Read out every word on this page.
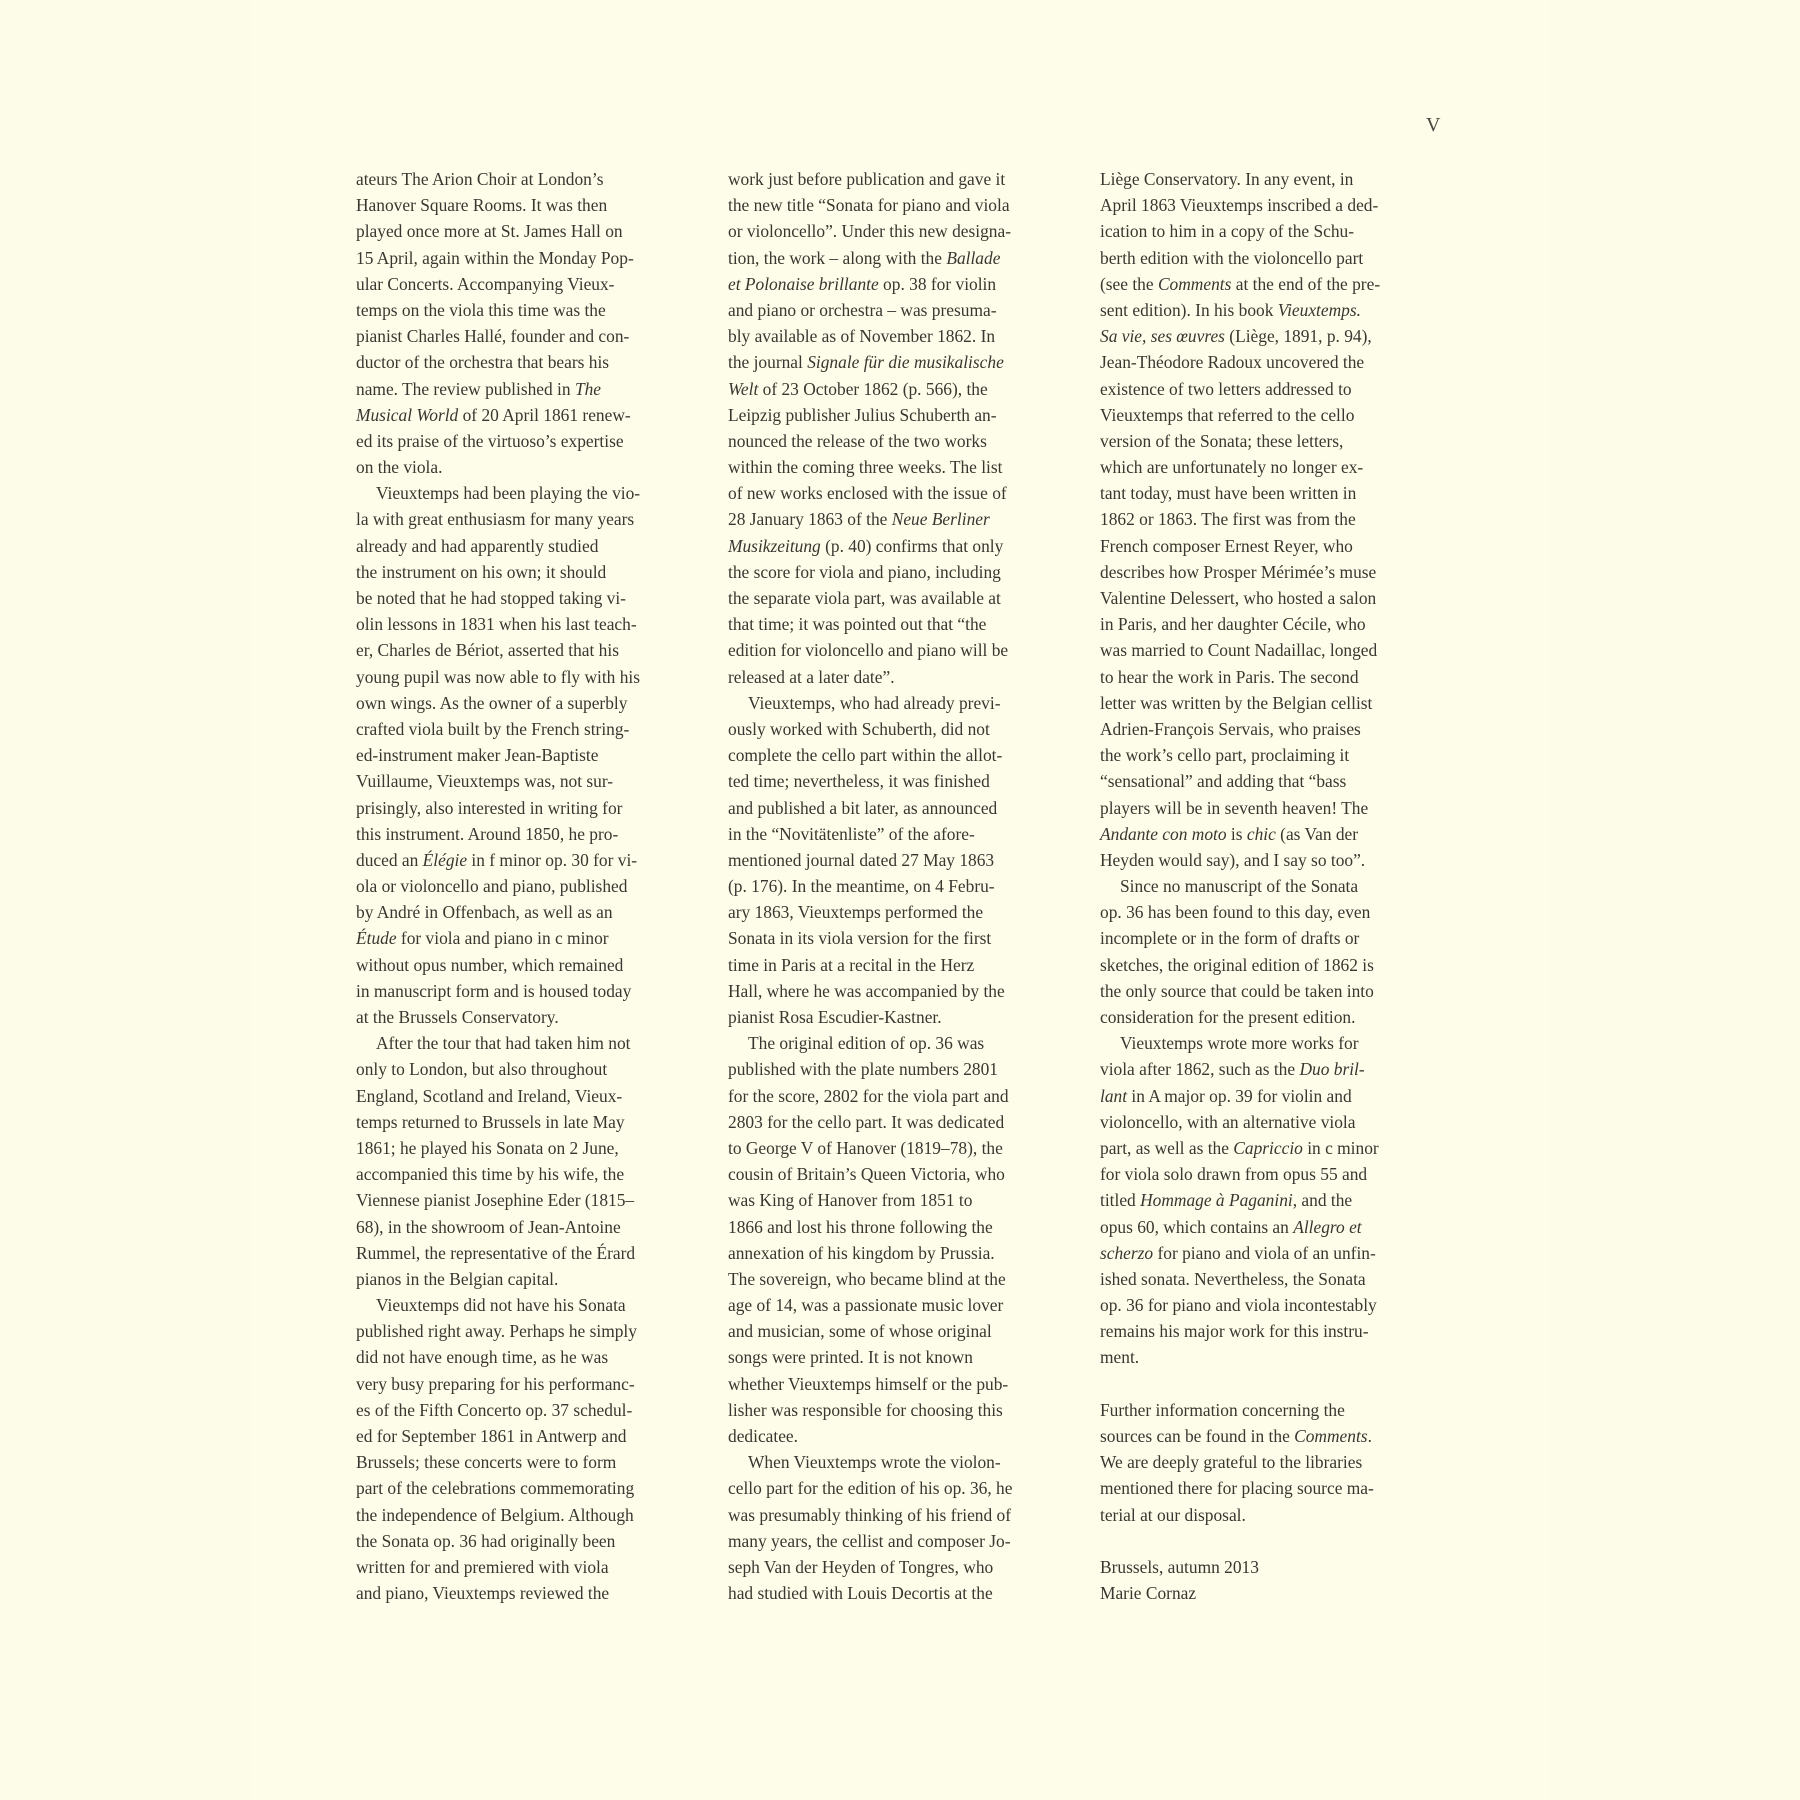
V
ateurs The Arion Choir at London’s
Hanover Square Rooms. It was then
played once more at St. James Hall on
15 April, again within the Monday Pop-
ular Concerts. Accompanying Vieux-
temps on the viola this time was the
pianist Charles Hallé, founder and con-
ductor of the orchestra that bears his
name. The review published in The
Musical World of 20 April 1861 renew-
ed its praise of the virtuoso’s expertise
on the viola.
Vieuxtemps had been playing the vio-
la with great enthusiasm for many years
already and had apparently studied
the instrument on his own; it should
be noted that he had stopped taking vi-
olin lessons in 1831 when his last teach-
er, Charles de Bériot, asserted that his
young pupil was now able to fly with his
own wings. As the owner of a superbly
crafted viola built by the French string-
ed-instrument maker Jean-Baptiste
Vuillaume, Vieuxtemps was, not sur-
prisingly, also interested in writing for
this instrument. Around 1850, he pro-
duced an Élégie in f minor op. 30 for vi-
ola or violoncello and piano, published
by André in Offenbach, as well as an
Étude for viola and piano in c minor
without opus number, which remained
in manuscript form and is housed today
at the Brussels Conservatory.
After the tour that had taken him not
only to London, but also throughout
England, Scotland and Ireland, Vieux-
temps returned to Brussels in late May
1861; he played his Sonata on 2 June,
accompanied this time by his wife, the
Viennese pianist Josephine Eder (1815–
68), in the showroom of Jean-Antoine
Rummel, the representative of the Érard
pianos in the Belgian capital.
Vieuxtemps did not have his Sonata
published right away. Perhaps he simply
did not have enough time, as he was
very busy preparing for his performanc-
es of the Fifth Concerto op. 37 schedul-
ed for September 1861 in Antwerp and
Brussels; these concerts were to form
part of the celebrations commemorating
the independence of Belgium. Although
the Sonata op. 36 had originally been
written for and premiered with viola
and piano, Vieuxtemps reviewed the
work just before publication and gave it
the new title “Sonata for piano and viola
or violoncello”. Under this new designa-
tion, the work – along with the Ballade
et Polonaise brillante op. 38 for violin
and piano or orchestra – was presuma-
bly available as of November 1862. In
the journal Signale für die musikalische
Welt of 23 October 1862 (p. 566), the
Leipzig publisher Julius Schuberth an-
nounced the release of the two works
within the coming three weeks. The list
of new works enclosed with the issue of
28 January 1863 of the Neue Berliner
Musikzeitung (p. 40) confirms that only
the score for viola and piano, including
the separate viola part, was available at
that time; it was pointed out that “the
edition for violoncello and piano will be
released at a later date”.
Vieuxtemps, who had already previ-
ously worked with Schuberth, did not
complete the cello part within the allot-
ted time; nevertheless, it was finished
and published a bit later, as announced
in the “Novitätenliste” of the afore-
mentioned journal dated 27 May 1863
(p. 176). In the meantime, on 4 Febru-
ary 1863, Vieuxtemps performed the
Sonata in its viola version for the first
time in Paris at a recital in the Herz
Hall, where he was accompanied by the
pianist Rosa Escudier-Kastner.
The original edition of op. 36 was
published with the plate numbers 2801
for the score, 2802 for the viola part and
2803 for the cello part. It was dedicated
to George V of Hanover (1819–78), the
cousin of Britain’s Queen Victoria, who
was King of Hanover from 1851 to
1866 and lost his throne following the
annexation of his kingdom by Prussia.
The sovereign, who became blind at the
age of 14, was a passionate music lover
and musician, some of whose original
songs were printed. It is not known
whether Vieuxtemps himself or the pub-
lisher was responsible for choosing this
dedicatee.
When Vieuxtemps wrote the violon-
cello part for the edition of his op. 36, he
was presumably thinking of his friend of
many years, the cellist and composer Jo-
seph Van der Heyden of Tongres, who
had studied with Louis Decortis at the
Liège Conservatory. In any event, in
April 1863 Vieuxtemps inscribed a ded-
ication to him in a copy of the Schu-
berth edition with the violoncello part
(see the Comments at the end of the pre-
sent edition). In his book Vieuxtemps.
Sa vie, ses œuvres (Liège, 1891, p. 94),
Jean-Théodore Radoux uncovered the
existence of two letters addressed to
Vieuxtemps that referred to the cello
version of the Sonata; these letters,
which are unfortunately no longer ex-
tant today, must have been written in
1862 or 1863. The first was from the
French composer Ernest Reyer, who
describes how Prosper Mérimée’s muse
Valentine Delessert, who hosted a salon
in Paris, and her daughter Cécile, who
was married to Count Nadaillac, longed
to hear the work in Paris. The second
letter was written by the Belgian cellist
Adrien-François Servais, who praises
the work’s cello part, proclaiming it
“sensational” and adding that “bass
players will be in seventh heaven! The
Andante con moto is chic (as Van der
Heyden would say), and I say so too”.
Since no manuscript of the Sonata
op. 36 has been found to this day, even
incomplete or in the form of drafts or
sketches, the original edition of 1862 is
the only source that could be taken into
consideration for the present edition.
Vieuxtemps wrote more works for
viola after 1862, such as the Duo bril-
lant in A major op. 39 for violin and
violoncello, with an alternative viola
part, as well as the Capriccio in c minor
for viola solo drawn from opus 55 and
titled Hommage à Paganini, and the
opus 60, which contains an Allegro et
scherzo for piano and viola of an unfin-
ished sonata. Nevertheless, the Sonata
op. 36 for piano and viola incontestably
remains his major work for this instru-
ment.
Further information concerning the
sources can be found in the Comments.
We are deeply grateful to the libraries
mentioned there for placing source ma-
terial at our disposal.
Brussels, autumn 2013
Marie Cornaz
